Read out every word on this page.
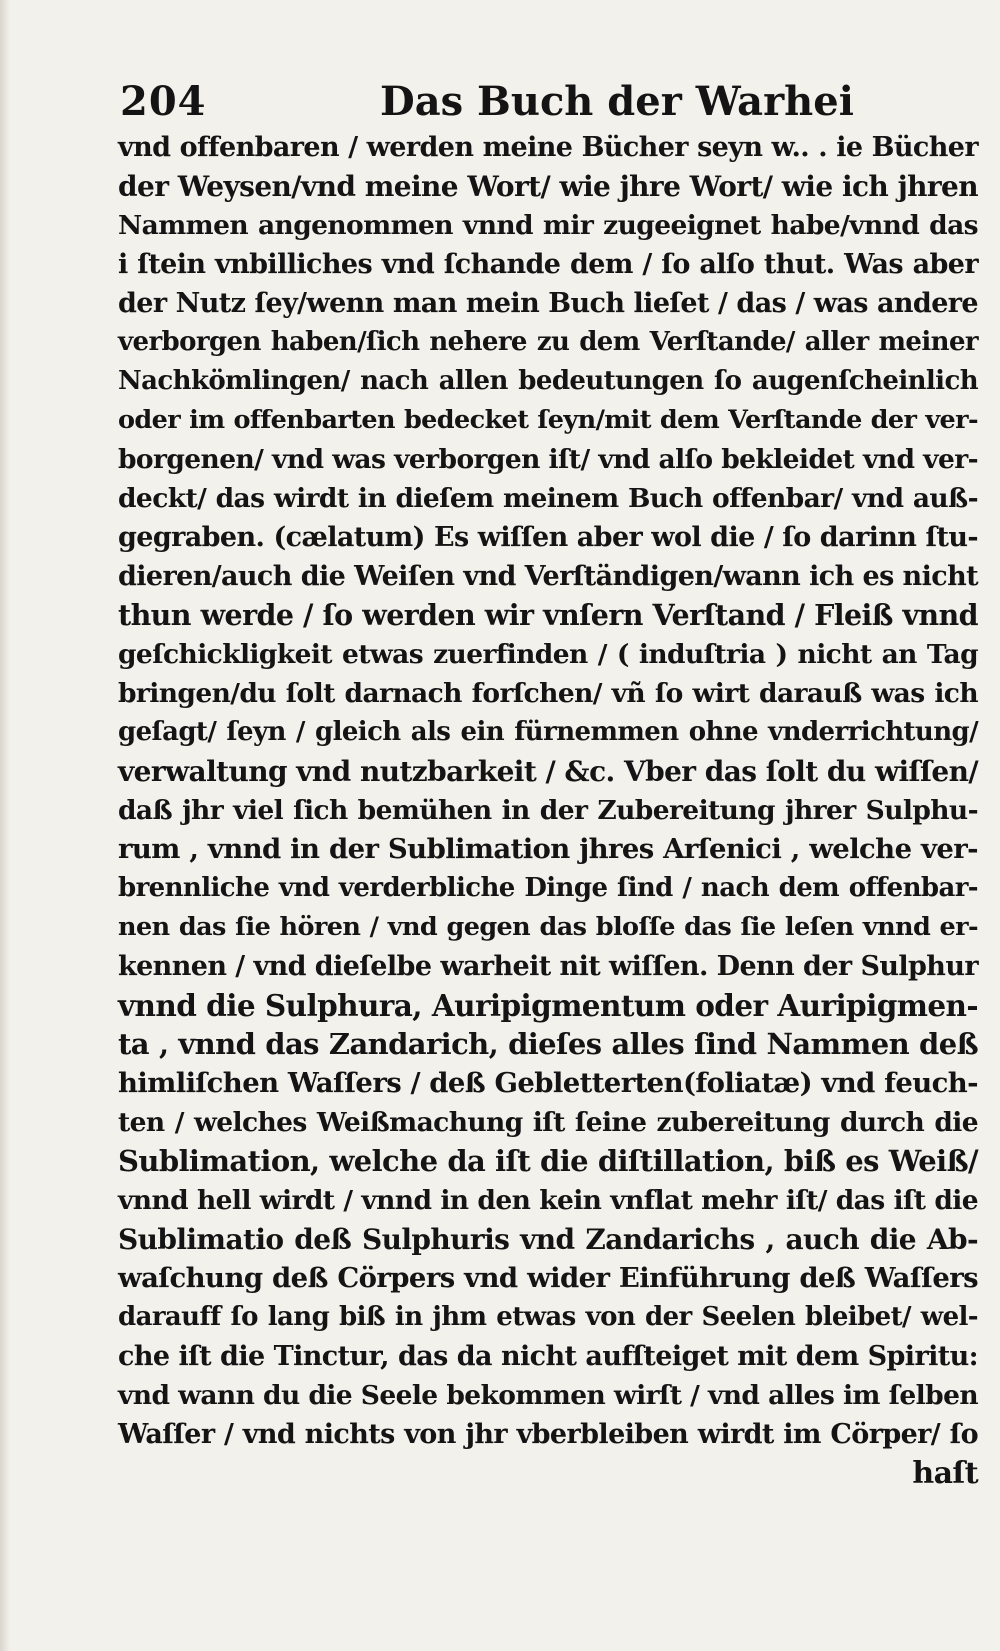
204	Das Buch der Warhei
vnd offenbaren / werden meine Bücher seyn w.. . ie Bücher
der Weysen/vnd meine Wort/ wie jhre Wort/ wie ich jhren
Nammen angenommen vnnd mir zugeeignet habe/vnnd das
i ſtein vnbilliches vnd ſchande dem / ſo alſo thut. Was aber
der Nutz ſey/wenn man mein Buch lieſet / das / was andere
verborgen haben/ſich nehere zu dem Verſtande/ aller meiner
Nachkömlingen/ nach allen bedeutungen ſo augenſcheinlich
oder im offenbarten bedecket ſeyn/mit dem Verſtande der ver-
borgenen/ vnd was verborgen iſt/ vnd alſo bekleidet vnd ver-
deckt/ das wirdt in dieſem meinem Buch offenbar/ vnd auß-
gegraben. (cælatum) Es wiſſen aber wol die / ſo darinn ſtu-
dieren/auch die Weiſen vnd Verſtändigen/wann ich es nicht
thun werde / ſo werden wir vnſern Verſtand / Fleiß vnnd
geſchickligkeit etwas zuerfinden / ( induſtria ) nicht an Tag
bringen/du ſolt darnach forſchen/ vñ ſo wirt darauß was ich
geſagt/ ſeyn / gleich als ein fürnemmen ohne vnderrichtung/
verwaltung vnd nutzbarkeit / &c. Vber das ſolt du wiſſen/
daß jhr viel ſich bemühen in der Zubereitung jhrer Sulphu-
rum , vnnd in der Sublimation jhres Arſenici , welche ver-
brennliche vnd verderbliche Dinge ſind / nach dem offenbar-
nen das ſie hören / vnd gegen das bloſſe das ſie leſen vnnd er-
kennen / vnd dieſelbe warheit nit wiſſen. Denn der Sulphur
vnnd die Sulphura, Auripigmentum oder Auripigmen-
ta , vnnd das Zandarich, dieſes alles ſind Nammen deß
himliſchen Waſſers / deß Gebletterten(foliatæ) vnd feuch-
ten / welches Weißmachung iſt ſeine zubereitung durch die
Sublimation, welche da iſt die diſtillation, biß es Weiß/
vnnd hell wirdt / vnnd in den kein vnflat mehr iſt/ das iſt die
Sublimatio deß Sulphuris vnd Zandarichs , auch die Ab-
waſchung deß Cörpers vnd wider Einführung deß Waſſers
darauff ſo lang biß in jhm etwas von der Seelen bleibet/ wel-
che iſt die Tinctur, das da nicht aufſteiget mit dem Spiritu:
vnd wann du die Seele bekommen wirſt / vnd alles im ſelben
Waſſer / vnd nichts von jhr vberbleiben wirdt im Cörper/ ſo
haſt
